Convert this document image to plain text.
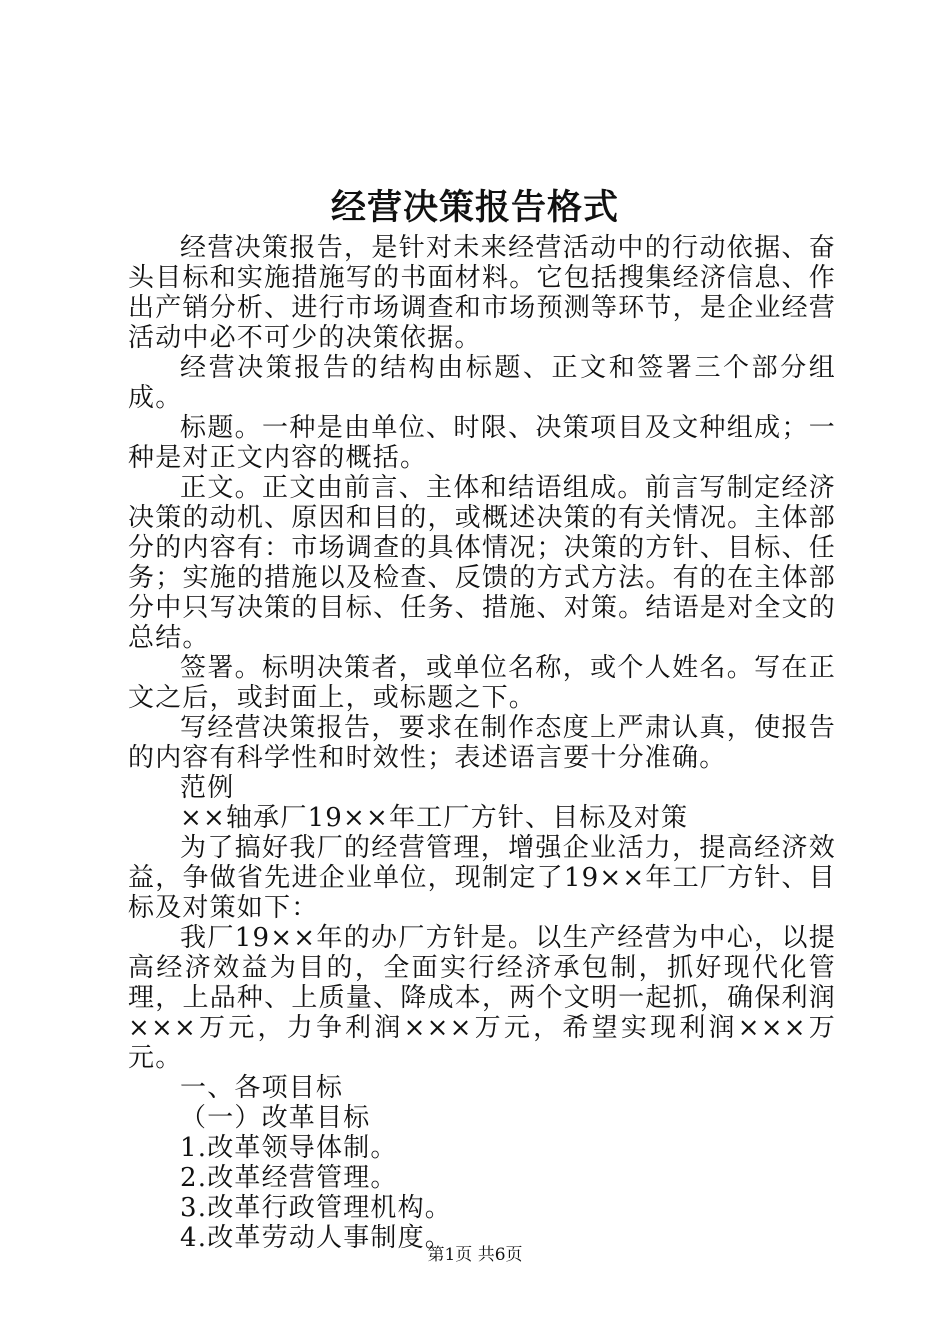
经营决策报告格式

经营决策报告，是针对未来经营活动中的行动依据、奋头目标和实施措施写的书面材料。它包括搜集经济信息、作出产销分析、进行市场调查和市场预测等环节，是企业经营活动中必不可少的决策依据。

经营决策报告的结构由标题、正文和签署三个部分组成。

标题。一种是由单位、时限、决策项目及文种组成；一种是对正文内容的概括。

正文。正文由前言、主体和结语组成。前言写制定经济决策的动机、原因和目的，或概述决策的有关情况。主体部分的内容有：市场调查的具体情况；决策的方针、目标、任务；实施的措施以及检查、反馈的方式方法。有的在主体部分中只写决策的目标、任务、措施、对策。结语是对全文的总结。

签署。标明决策者，或单位名称，或个人姓名。写在正文之后，或封面上，或标题之下。

写经营决策报告，要求在制作态度上严肃认真，使报告的内容有科学性和时效性；表述语言要十分准确。

范例

××轴承厂19××年工厂方针、目标及对策

为了搞好我厂的经营管理，增强企业活力，提高经济效益，争做省先进企业单位，现制定了19××年工厂方针、目标及对策如下：

我厂19××年的办厂方针是。以生产经营为中心，以提高经济效益为目的，全面实行经济承包制，抓好现代化管理，上品种、上质量、降成本，两个文明一起抓，确保利润×××万元，力争利润×××万元，希望实现利润×××万元。

一、各项目标

（一）改革目标

1.改革领导体制。

2.改革经营管理。

3.改革行政管理机构。

4.改革劳动人事制度。

第1页 共6页
